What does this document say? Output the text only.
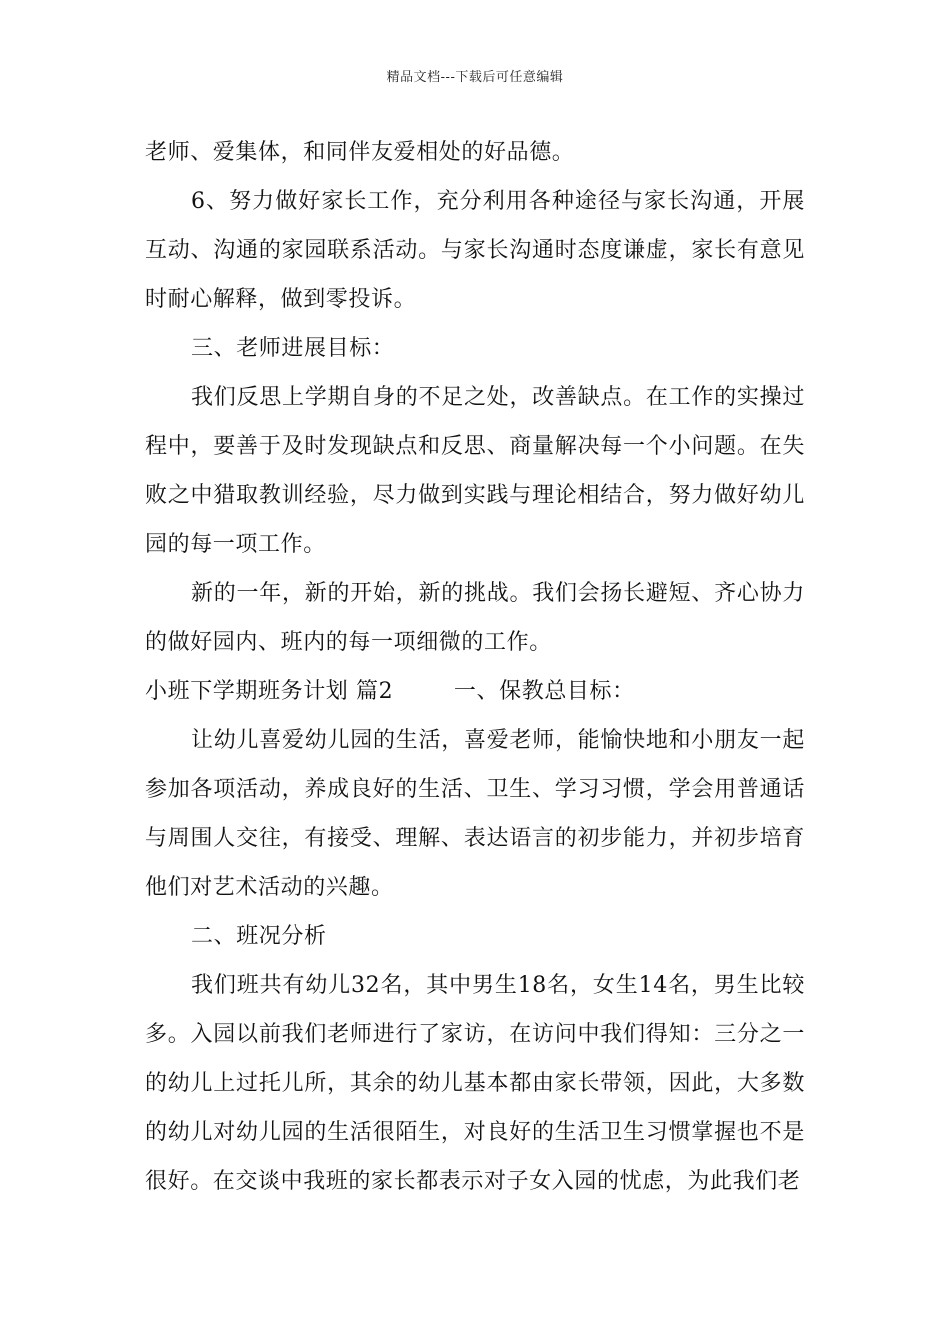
精品文档---下载后可任意编辑

老师、爱集体，和同伴友爱相处的好品德。

6、努力做好家长工作，充分利用各种途径与家长沟通，开展互动、沟通的家园联系活动。与家长沟通时态度谦虚，家长有意见时耐心解释，做到零投诉。

三、老师进展目标：

我们反思上学期自身的不足之处，改善缺点。在工作的实操过程中，要善于及时发现缺点和反思、商量解决每一个小问题。在失败之中猎取教训经验，尽力做到实践与理论相结合，努力做好幼儿园的每一项工作。

新的一年，新的开始，新的挑战。我们会扬长避短、齐心协力的做好园内、班内的每一项细微的工作。

小班下学期班务计划 篇2        一、保教总目标：

让幼儿喜爱幼儿园的生活，喜爱老师，能愉快地和小朋友一起参加各项活动，养成良好的生活、卫生、学习习惯，学会用普通话与周围人交往，有接受、理解、表达语言的初步能力，并初步培育他们对艺术活动的兴趣。

二、班况分析

我们班共有幼儿32名，其中男生18名，女生14名，男生比较多。入园以前我们老师进行了家访，在访问中我们得知：三分之一的幼儿上过托儿所，其余的幼儿基本都由家长带领，因此，大多数的幼儿对幼儿园的生活很陌生，对良好的生活卫生习惯掌握也不是很好。在交谈中我班的家长都表示对子女入园的忧虑，为此我们老
